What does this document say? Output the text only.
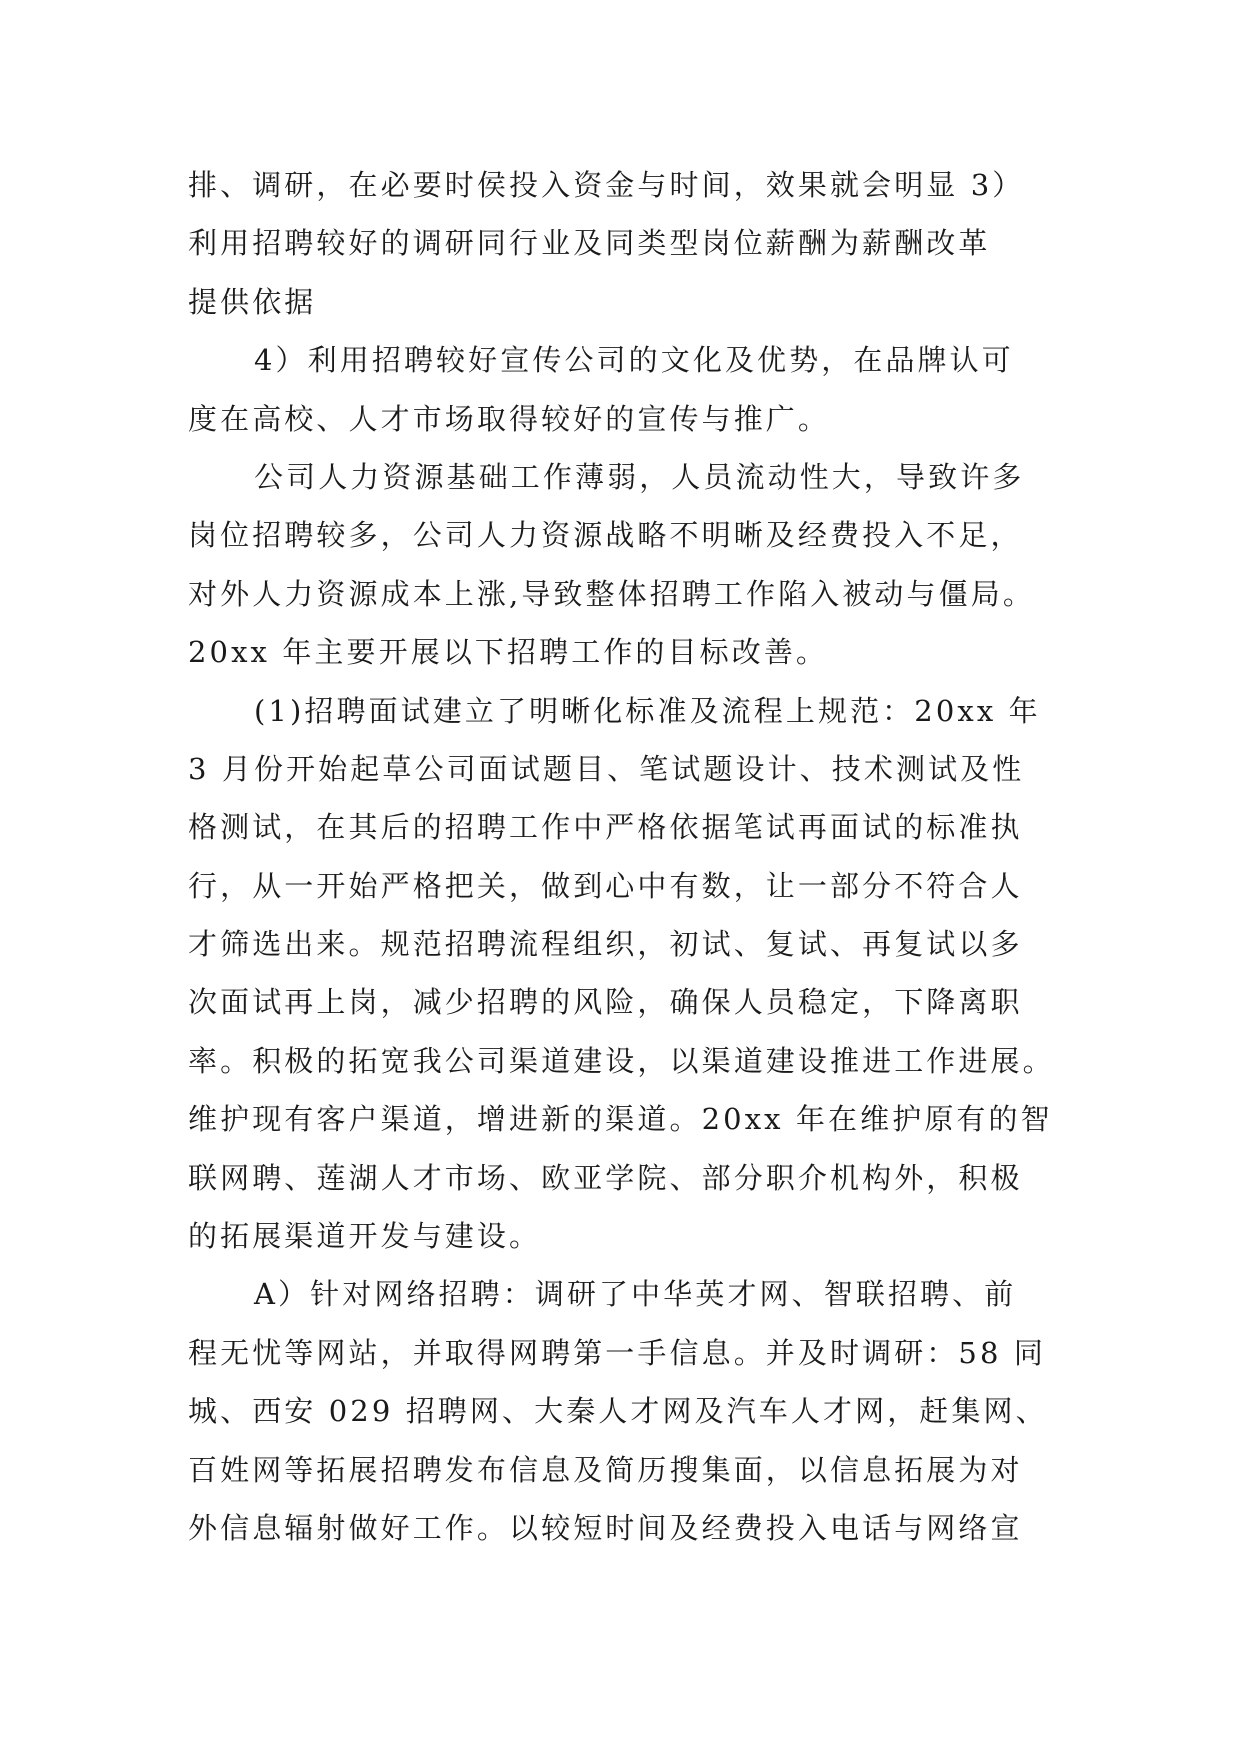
排、调研，在必要时侯投入资金与时间，效果就会明显 3）
利用招聘较好的调研同行业及同类型岗位薪酬为薪酬改革
提供依据
4）利用招聘较好宣传公司的文化及优势，在品牌认可
度在高校、人才市场取得较好的宣传与推广。
公司人力资源基础工作薄弱，人员流动性大，导致许多
岗位招聘较多，公司人力资源战略不明晰及经费投入不足，
对外人力资源成本上涨,导致整体招聘工作陷入被动与僵局。
20xx 年主要开展以下招聘工作的目标改善。
(1)招聘面试建立了明晰化标准及流程上规范：20xx 年
3 月份开始起草公司面试题目、笔试题设计、技术测试及性
格测试，在其后的招聘工作中严格依据笔试再面试的标准执
行，从一开始严格把关，做到心中有数，让一部分不符合人
才筛选出来。规范招聘流程组织，初试、复试、再复试以多
次面试再上岗，减少招聘的风险，确保人员稳定，下降离职
率。积极的拓宽我公司渠道建设，以渠道建设推进工作进展。
维护现有客户渠道，增进新的渠道。20xx 年在维护原有的智
联网聘、莲湖人才市场、欧亚学院、部分职介机构外，积极
的拓展渠道开发与建设。
A）针对网络招聘：调研了中华英才网、智联招聘、前
程无忧等网站，并取得网聘第一手信息。并及时调研：58 同
城、西安 029 招聘网、大秦人才网及汽车人才网，赶集网、
百姓网等拓展招聘发布信息及简历搜集面，以信息拓展为对
外信息辐射做好工作。以较短时间及经费投入电话与网络宣
